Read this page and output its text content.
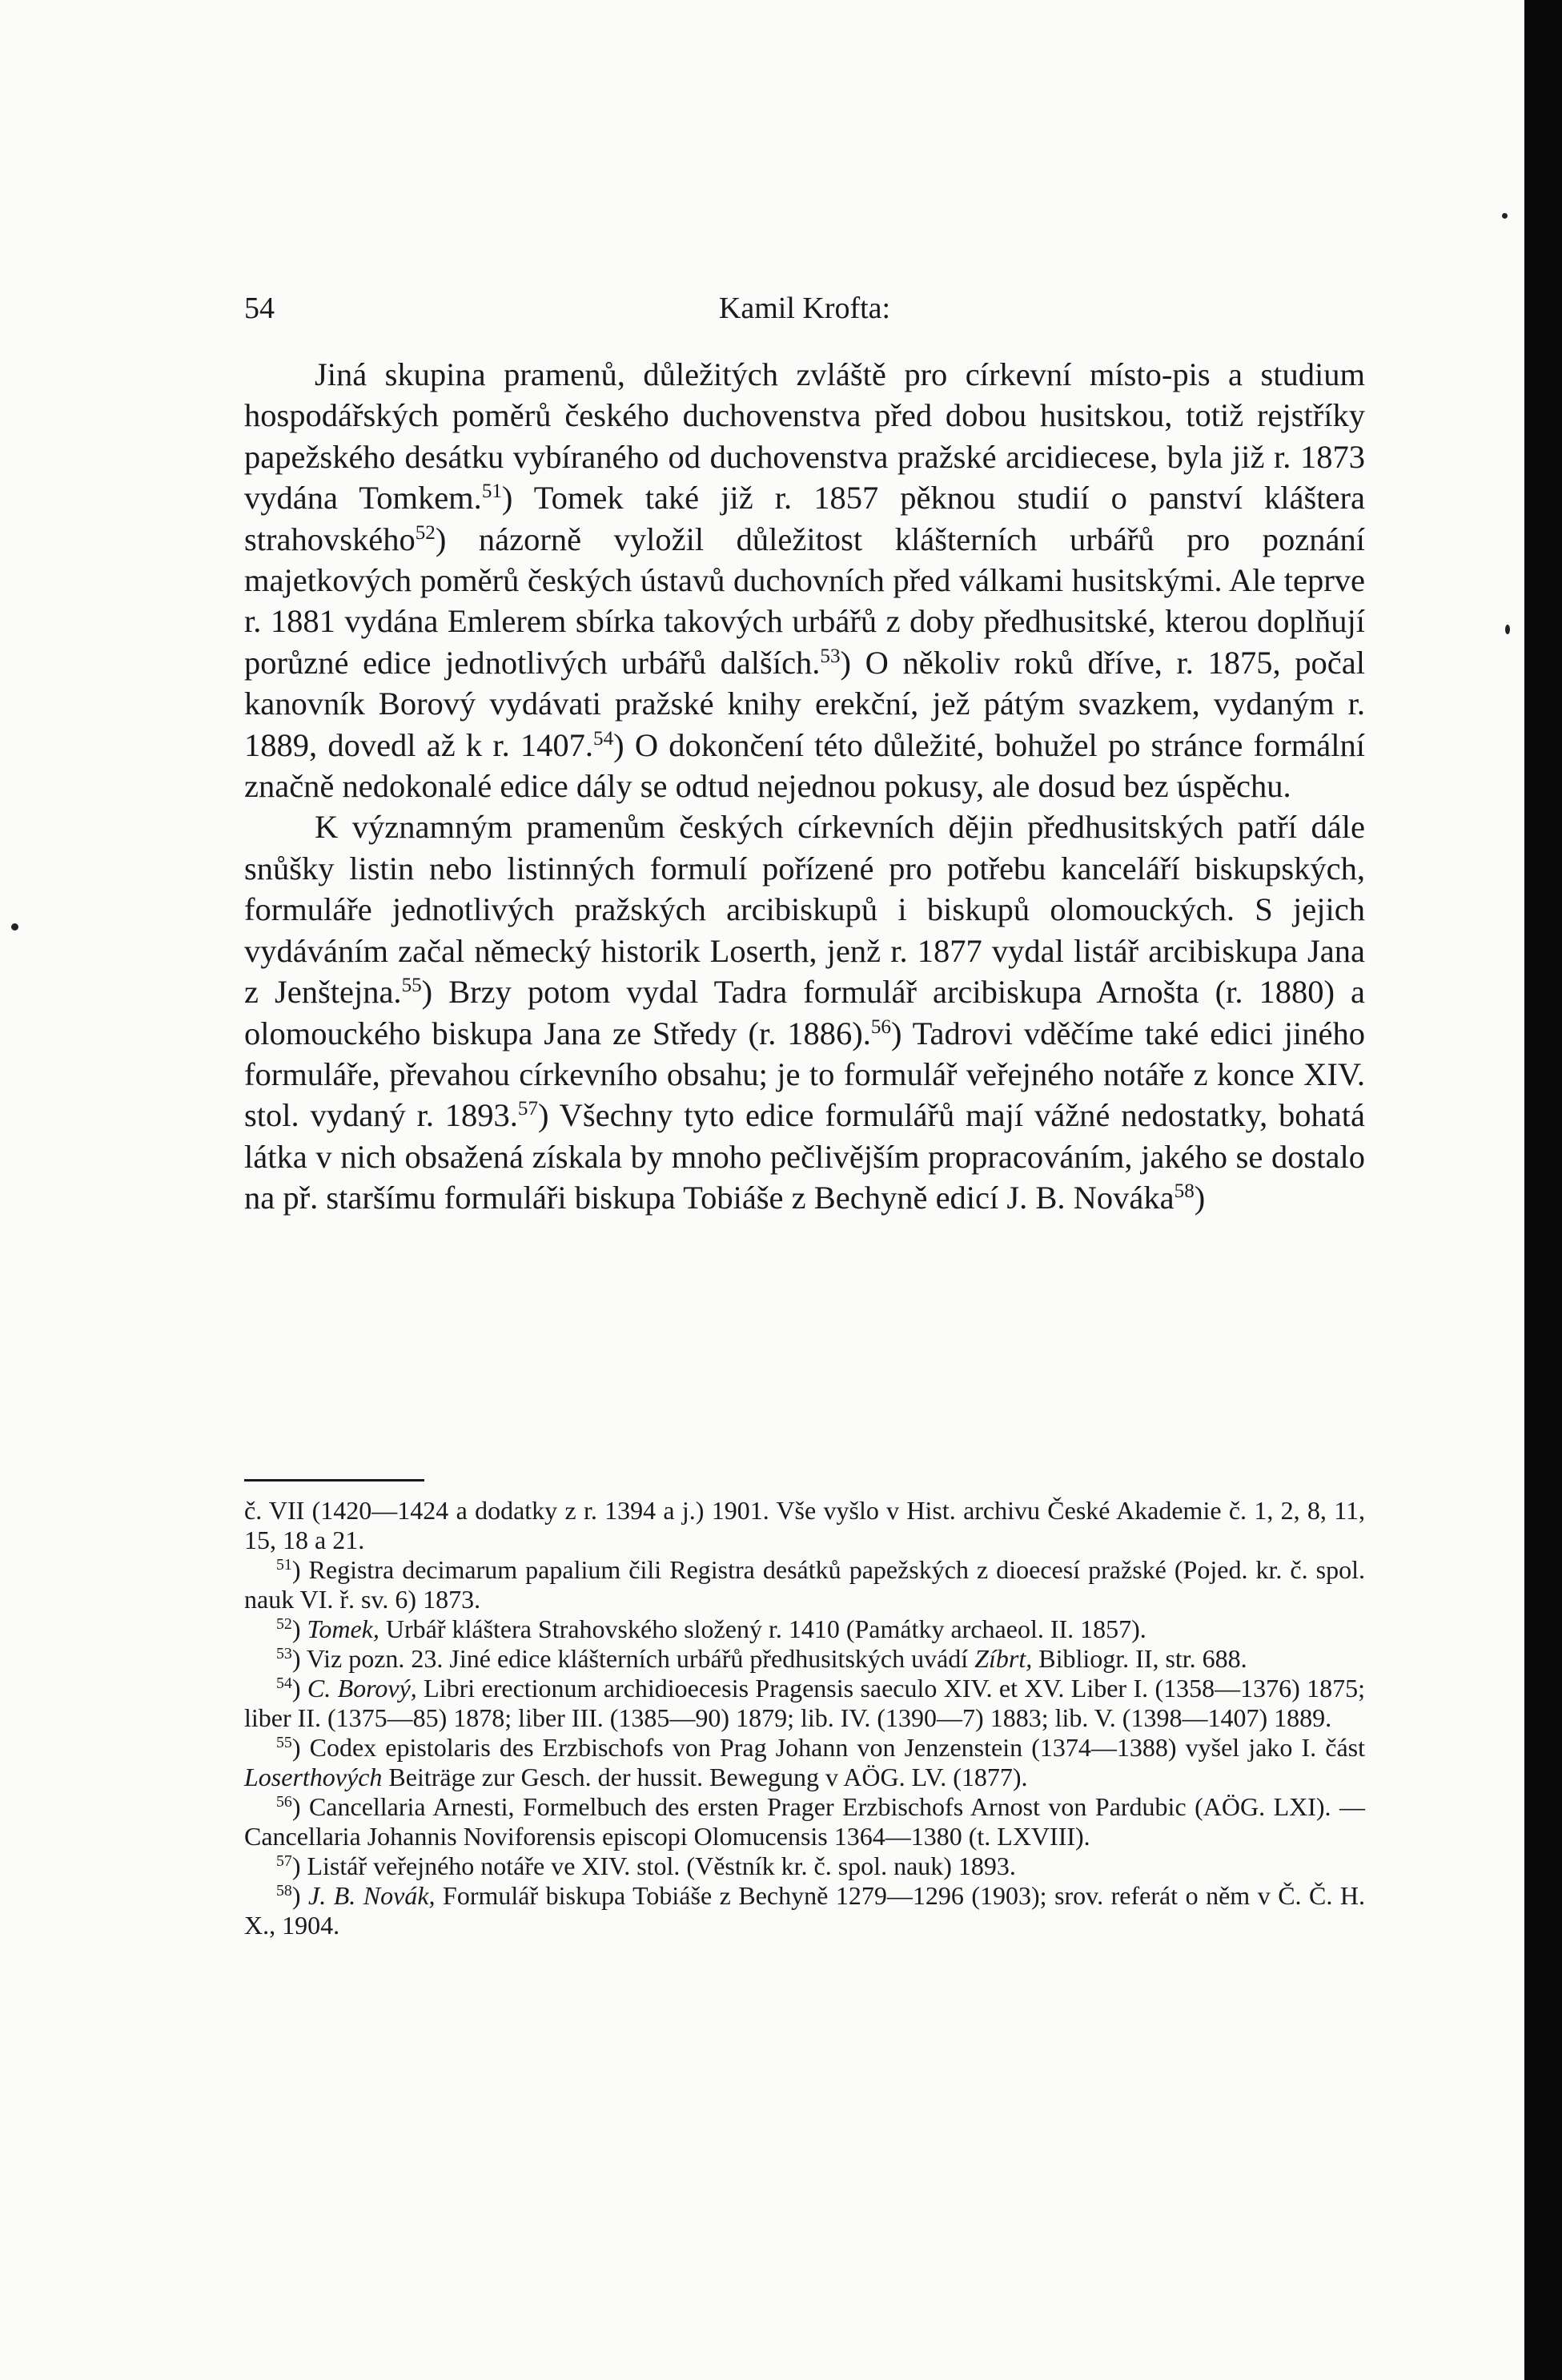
54	Kamil Krofta:

Jiná skupina pramenů, důležitých zvláště pro církevní místo-pis a studium hospodářských poměrů českého duchovenstva před dobou husitskou, totiž rejstříky papežského desátku vybíraného od duchovenstva pražské arcidiecese, byla již r. 1873 vydána Tomkem.$^{51}$) Tomek také již r. 1857 pěknou studií o panství kláštera strahovského$^{52}$) názorně vyložil důležitost klášterních urbářů pro poznání majetkových poměrů českých ústavů duchovních před válkami husitskými. Ale teprve r. 1881 vydána Emlerem sbírka takových urbářů z doby předhusitské, kterou doplňují porůzné edice jednotlivých urbářů dalších.$^{53}$) O několiv roků dříve, r. 1875, počal kanovník Borový vydávati pražské knihy erekční, jež pátým svazkem, vydaným r. 1889, dovedl až k r. 1407.54) O dokončení této důležité, bohužel po stránce formální značně nedokonalé edice dály se odtud nejednou pokusy, ale dosud bez úspěchu.

K významným pramenům českých církevních dějin předhusitských patří dále snůšky listin nebo listinných formulí pořízené pro potřebu kanceláří biskupských, formuláře jednotlivých pražských arcibiskupů i biskupů olomouckých. S jejich vydáváním začal německý historik Loserth, jenž r. 1877 vydal listář arcibiskupa Jana z Jenštejna.$^{55}$) Brzy potom vydal Tadra formulář arcibiskupa Arnošta (r. 1880) a olomouckého biskupa Jana ze Středy (r. 1886).$^{56}$) Tadrovi vděčíme také edici jiného formuláře, převahou církevního obsahu; je to formulář veřejného notáře z konce XIV. stol. vydaný r. 1893.57) Všechny tyto edice formulářů mají vážné nedostatky, bohatá látka v nich obsažená získala by mnoho pečlivějším propracováním, jakého se dostalo na př. staršímu formuláři biskupa Tobiáše z Bechyně edicí J. B. Nováka$^{58}$)

č. VII (1420—1424 a dodatky z r. 1394 a j.) 1901. Vše vyšlo v Hist. archivu České Akademie č. 1, 2, 8, 11, 15, 18 a 21.

$^{51}$) Registra decimarum papalium čili Registra desátků papežských z dioecesí pražské (Pojed. kr. č. spol. nauk VI. ř. sv. 6) 1873.

$^{52}$) Tomek, Urbář kláštera Strahovského složený r. 1410 (Památky archaeol. II. 1857).

$^{53}$) Viz pozn. 23. Jiné edice klášterních urbářů předhusitských uvádí Zíbrt, Bibliogr. II, str. 688.

$^{54}$) C. Borový, Libri erectionum archidioecesis Pragensis saeculo XIV. et XV. Liber I. (1358—1376) 1875; liber II. (1375—85) 1878; liber III. (1385—90) 1879; lib. IV. (1390—7) 1883; lib. V. (1398—1407) 1889.

$^{55}$) Codex epistolaris des Erzbischofs von Prag Johann von Jenzenstein (1374—1388) vyšel jako I. část Loserthových Beiträge zur Gesch. der hussit. Bewegung v AÖG. LV. (1877).

$^{56}$) Cancellaria Arnesti, Formelbuch des ersten Prager Erzbischofs Arnost von Pardubic (AÖG. LXI). — Cancellaria Johannis Noviforensis episcopi Olomucensis 1364—1380 (t. LXVIII).

$^{57}$) Listář veřejného notáře ve XIV. stol. (Věstník kr. č. spol. nauk) 1893.

$^{58}$) J. B. Novák, Formulář biskupa Tobiáše z Bechyně 1279—1296 (1903); srov. referát o něm v Č. Č. H. X., 1904.
